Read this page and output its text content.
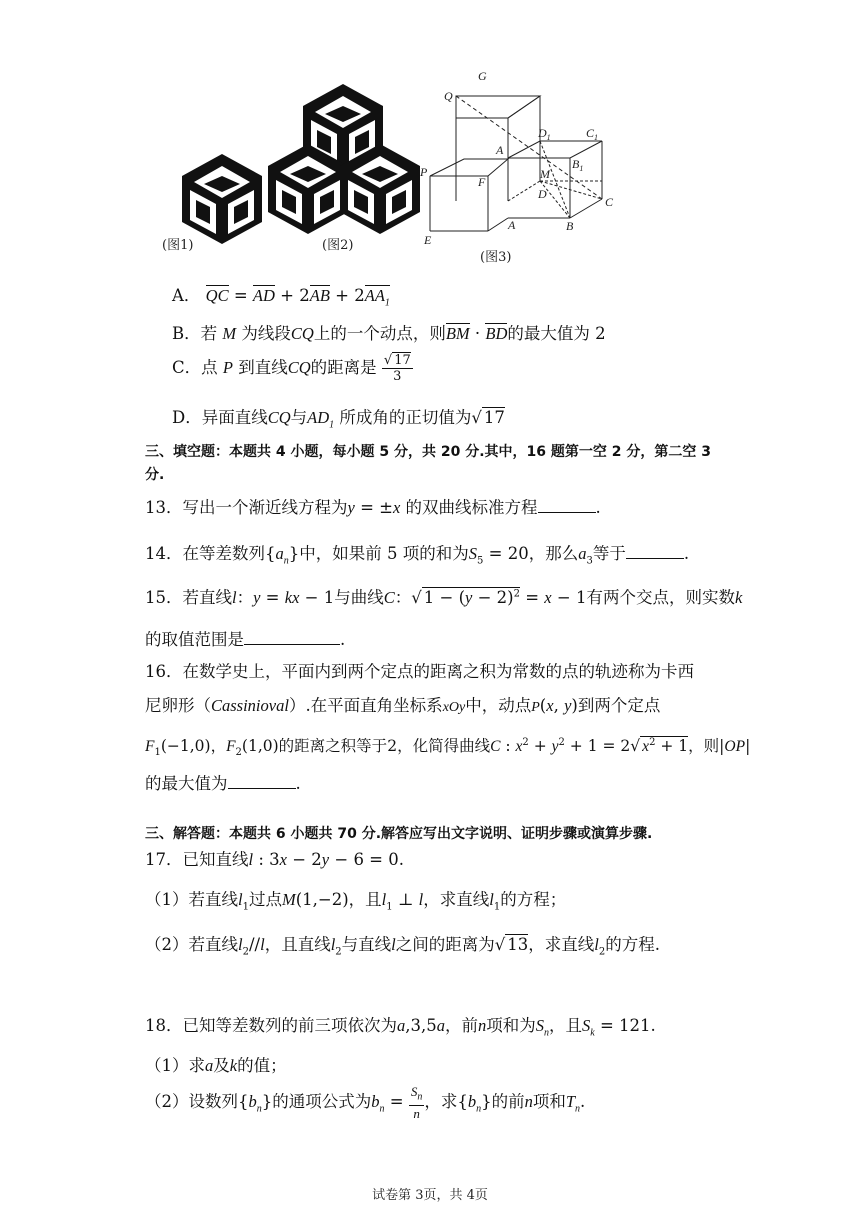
G
Q
$D_1$	$C_1$
A
$B_1$
P
F
M
D
C
E
A	B
(图1)	(图2)
(图3)
A． QC = AD + $2AB + 2AA_1$
B．若 M 为线段CQ上的一个动点，则BM · BD的最大值为 2
C．点 P 到直线CQ的距离是 $\frac{√ 17}{3}$
D．异面直线CQ与$AD_1$ 所成角的正切值为√ 17
三、填空题：本题共 4 小题，每小题 5 分，共 20 分.其中，16 题第一空 2 分，第二空 3
分.
13．写出一个渐近线方程为y = ±x 的双曲线标准方程	.
14．在等差数列$\{a_n\}$中，如果前 5 项的和为$S_5 = 20$，那么$a_3$等于	.
15．若直线l：y = kx − 1与曲线C：√ $1 - (y - 2)^2 = x - 1$有两个交点，则实数k
的取值范围是	.
16．在数学史上，平面内到两个定点的距离之积为常数的点的轨迹称为卡西
尼卵形（Cassinioval）.在平面直角坐标系xOy中，动点P(x, y)到两个定点
$F_1(-1,0)$，$F_2(1,0)$的距离之积等于2，化简得曲线C : $x^2 + y^2 + 1 = 2√$ $x^2 + 1$，则|OP|
的最大值为	.
三、解答题：本题共 6 小题共 70 分.解答应写出文字说明、证明步骤或演算步骤.
17．已知直线l : 3x − 2y − 6 = 0.
（1）若直线$l_1$过点M(1,−2)，且$l_1$ ⊥ l，求直线$l_1$的方程；
（2）若直线$l_2//l$，且直线$l_2$与直线l之间的距离为√ 13，求直线$l_2$的方程.
18．已知等差数列的前三项依次为a,3,5a，前n项和为$S_n$，且$S_k = 121$.
（1）求a及k的值；
（2）设数列$\{b_n\}$的通项公式为$b_n = \frac{S_n}{n}$ ，求$\{b_n\}$的前n项和$T_n$.
试卷第 3页，共 4页
